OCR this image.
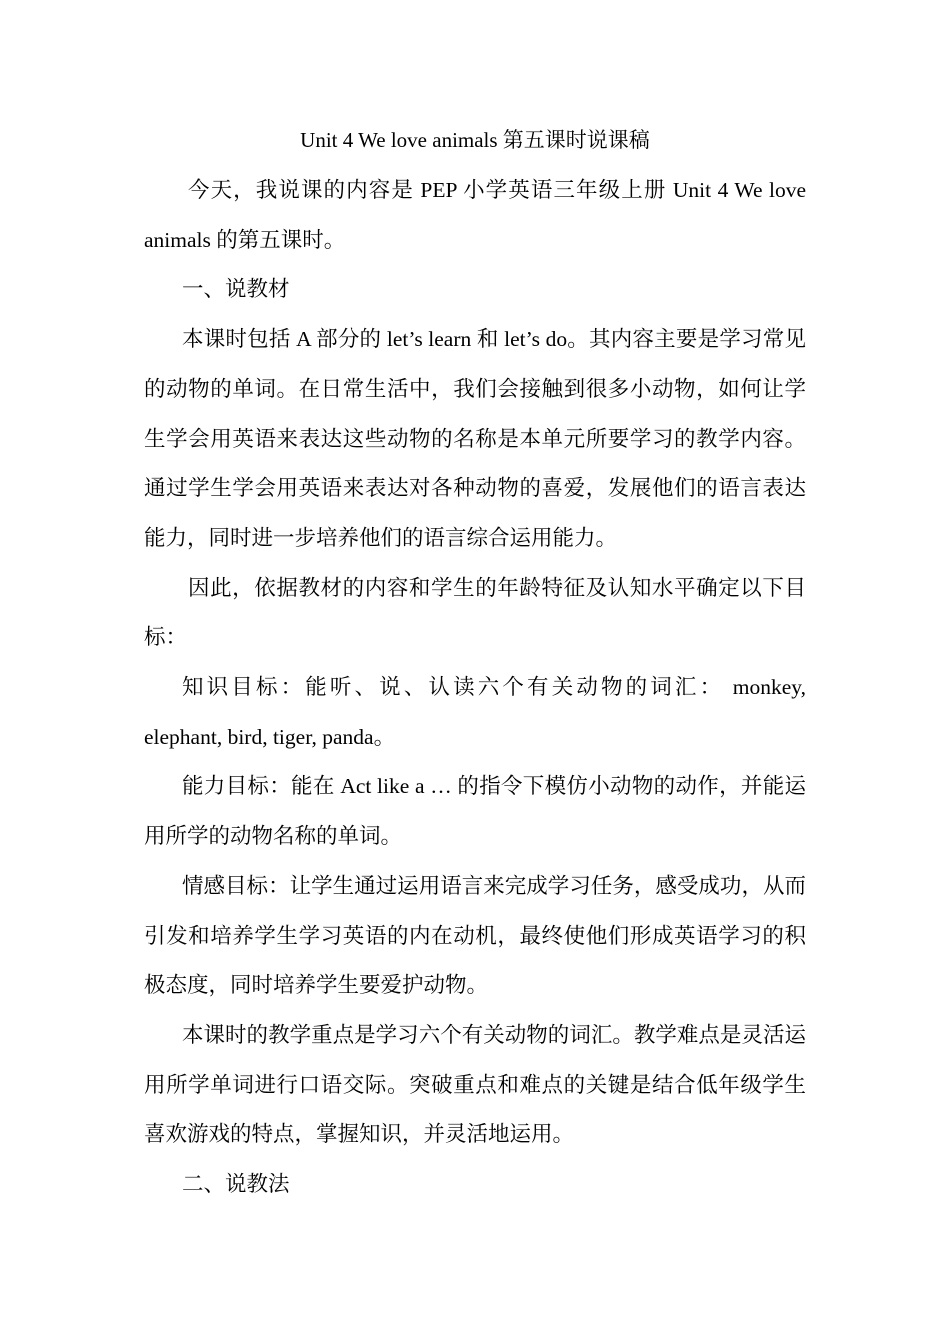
Unit 4 We love animals 第五课时说课稿

今天，我说课的内容是 PEP 小学英语三年级上册 Unit 4 We love animals 的第五课时。

一、说教材

本课时包括 A 部分的 let’s learn 和 let’s do。其内容主要是学习常见的动物的单词。在日常生活中，我们会接触到很多小动物，如何让学生学会用英语来表达这些动物的名称是本单元所要学习的教学内容。通过学生学会用英语来表达对各种动物的喜爱，发展他们的语言表达能力，同时进一步培养他们的语言综合运用能力。

因此，依据教材的内容和学生的年龄特征及认知水平确定以下目标：

知识目标：能听、说、认读六个有关动物的词汇： monkey, elephant, bird, tiger, panda。

能力目标：能在 Act like a … 的指令下模仿小动物的动作，并能运用所学的动物名称的单词。

情感目标：让学生通过运用语言来完成学习任务，感受成功，从而引发和培养学生学习英语的内在动机，最终使他们形成英语学习的积极态度，同时培养学生要爱护动物。

本课时的教学重点是学习六个有关动物的词汇。教学难点是灵活运用所学单词进行口语交际。突破重点和难点的关键是结合低年级学生喜欢游戏的特点，掌握知识，并灵活地运用。

二、说教法
